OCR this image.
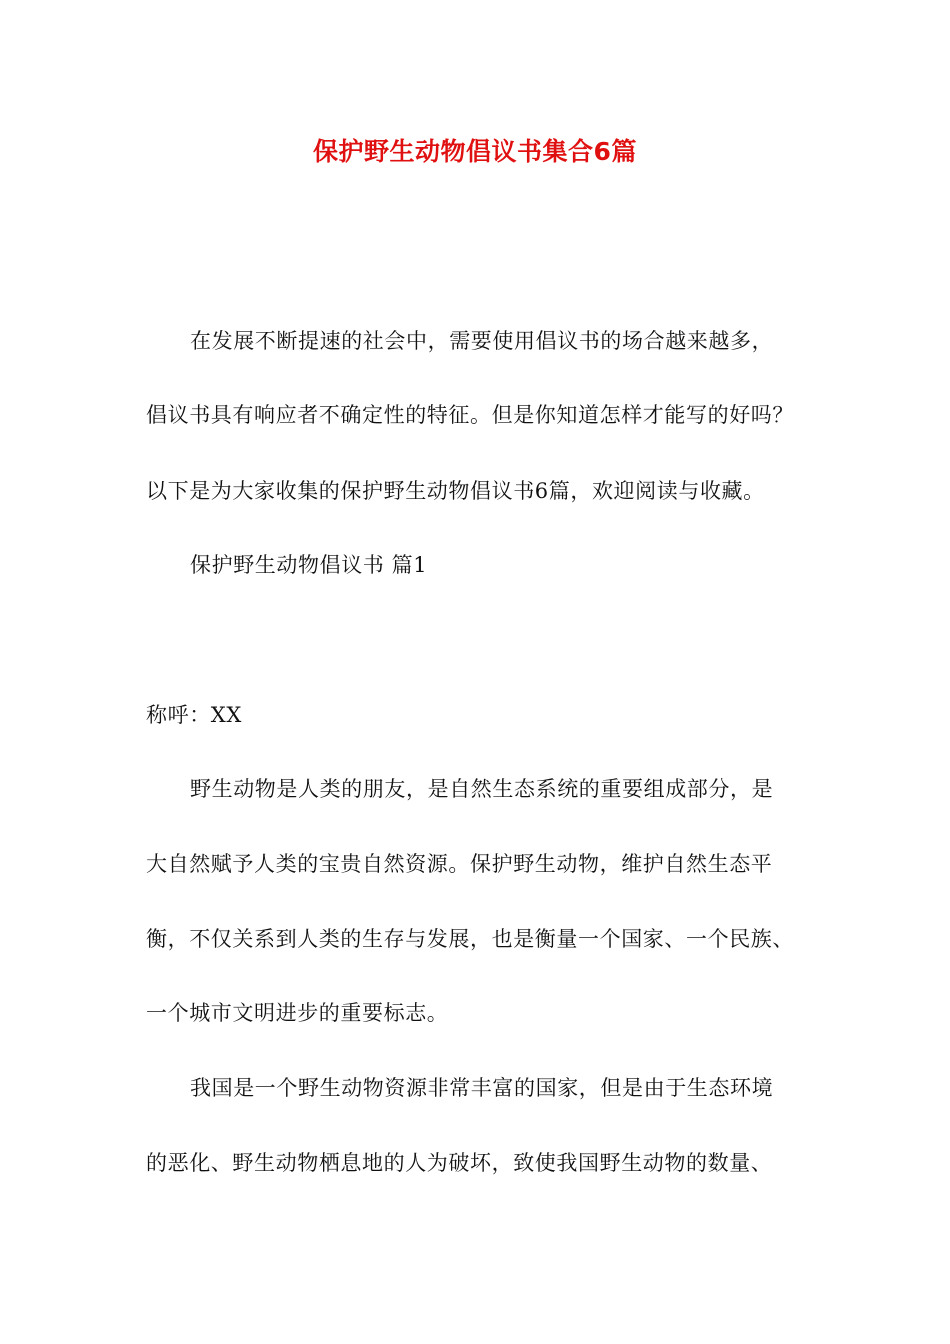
保护野生动物倡议书集合6篇
在发展不断提速的社会中，需要使用倡议书的场合越来越多，
倡议书具有响应者不确定性的特征。但是你知道怎样才能写的好吗？
以下是为大家收集的保护野生动物倡议书6篇，欢迎阅读与收藏。
保护野生动物倡议书 篇1
称呼：XX
野生动物是人类的朋友，是自然生态系统的重要组成部分，是
大自然赋予人类的宝贵自然资源。保护野生动物，维护自然生态平
衡，不仅关系到人类的生存与发展，也是衡量一个国家、一个民族、
一个城市文明进步的重要标志。
我国是一个野生动物资源非常丰富的国家，但是由于生态环境
的恶化、野生动物栖息地的人为破坏，致使我国野生动物的数量、
